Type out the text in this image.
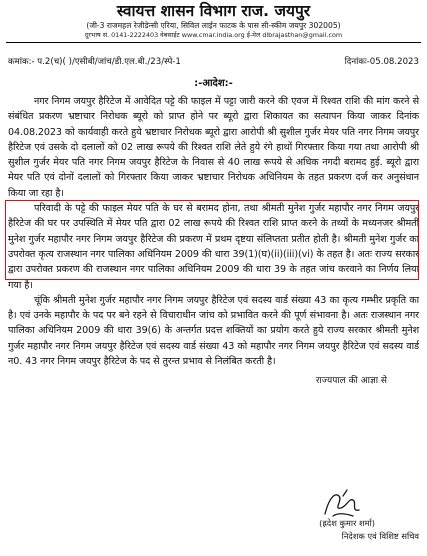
स्वायत्त शासन विभाग राज. जयपुर
(जी-3 राजमहल रेजीडेन्सी एरिया, सिविल लाईन फाटक के पास सी-स्कीम जयपुर 302005)
दूरभाष सं. 0141-2222403 वेबसाईट www.cmar.india.org ई-मेल dlbrajasthan@gmail.com
कमांक:- प.2(च)( )/एसीबी/जांच/डी.एल.बी./23/स्पे-1	दिनांकः-05.08.2023
:-आदेश:-

नगर निगम जयपुर हैरिटेज में आवेदित पट्टे की फाइल में पट्टा जारी करने की एवज में रिश्वत राशि की मांग करने से संबंधित प्रकरण भ्रष्टाचार निरोधक ब्यूरो को प्राप्त होने पर ब्यूरो द्वारा शिकायत का सत्यापन किया जाकर दिनांक 04.08.2023 को कार्यवाही करते हुये भ्रष्टाचार निरोधक ब्यूरो द्वारा आरोपी श्री सुशील गुर्जर मेयर पति नगर निगम जयपुर हैरिटेज एवं उसके दो दलालों को 02 लाख रूपये की रिश्वत राशि लेते हुये रंगे हाथों गिरफ्तार किया गया तथा आरोपी श्री सुशील गुर्जर मेयर पति नगर निगम जयपुर हैरिटेज के निवास से 40 लाख रूपये से अधिक नगदी बरामद हुई. ब्यूरो द्वारा मेयर पति एवं दोनों दलालों को गिरफ्तार किया जाकर भ्रष्टाचार निरोधक अधिनियम के तहत प्रकरण दर्ज कर अनुसंधान किया जा रहा है।

परिवादी के पट्टे की फाइल मेयर पति के घर से बरामद होना, तथा श्रीमती मुनेश गुर्जर महापौर नगर निगम जयपुर हैरिटेज की घर पर उपस्थिति में मेयर पति द्वारा 02 लाख रूपये की रिश्वत राशि प्राप्त करने के तथ्यों के मध्यनजर श्रीमती मुनेश गुर्जर महापौर नगर निगम जयपुर हैरिटेज की प्रकरण में प्रथम दृष्टया संलिप्तता प्रतीत होती है। श्रीमती मुनेश गुर्जर का उपरोक्त कृत्य राजस्थान नगर पालिका अधिनियम 2009 की धारा 39(1)(घ)(ii)(iii)(vi) के तहत है। अतः राज्य सरकार द्वारा उपरोक्त प्रकरण की राजस्थान नगर पालिका अधिनियम 2009 की धारा 39 के तहत जांच करवाने का निर्णय लिया गया है।

चूंकि श्रीमती मुनेश गुर्जर महापौर नगर निगम जयपुर हैरिटेज एवं सदस्य वार्ड संख्या 43 का कृत्य गम्भीर प्रकृति का है। एवं उनके महापौर के पद पर बने रहने से विचाराधीन जांच को प्रभावित करने की पूर्ण संभावना है। अतः राजस्थान नगर पालिका अधिनियम 2009 की धारा 39(6) के अन्तर्गत प्रदत्त शक्तियों का प्रयोग करते हुये राज्य सरकार श्रीमती मुनेश गुर्जर महापौर नगर निगम जयपुर हैरिटेज एवं सदस्य वार्ड संख्या 43 को महापौर नगर निगम जयपुर हैरिटेज एवं सदस्य वार्ड न0. 43 नगर निगम जयपुर हैरिटेज के पद से तुरन्त प्रभाव से निलंबित करती है।

राज्यपाल की आज्ञा से
(ह्रदेश कुमार शर्मा)
निदेशक एवं विशिष्ट सचिव
